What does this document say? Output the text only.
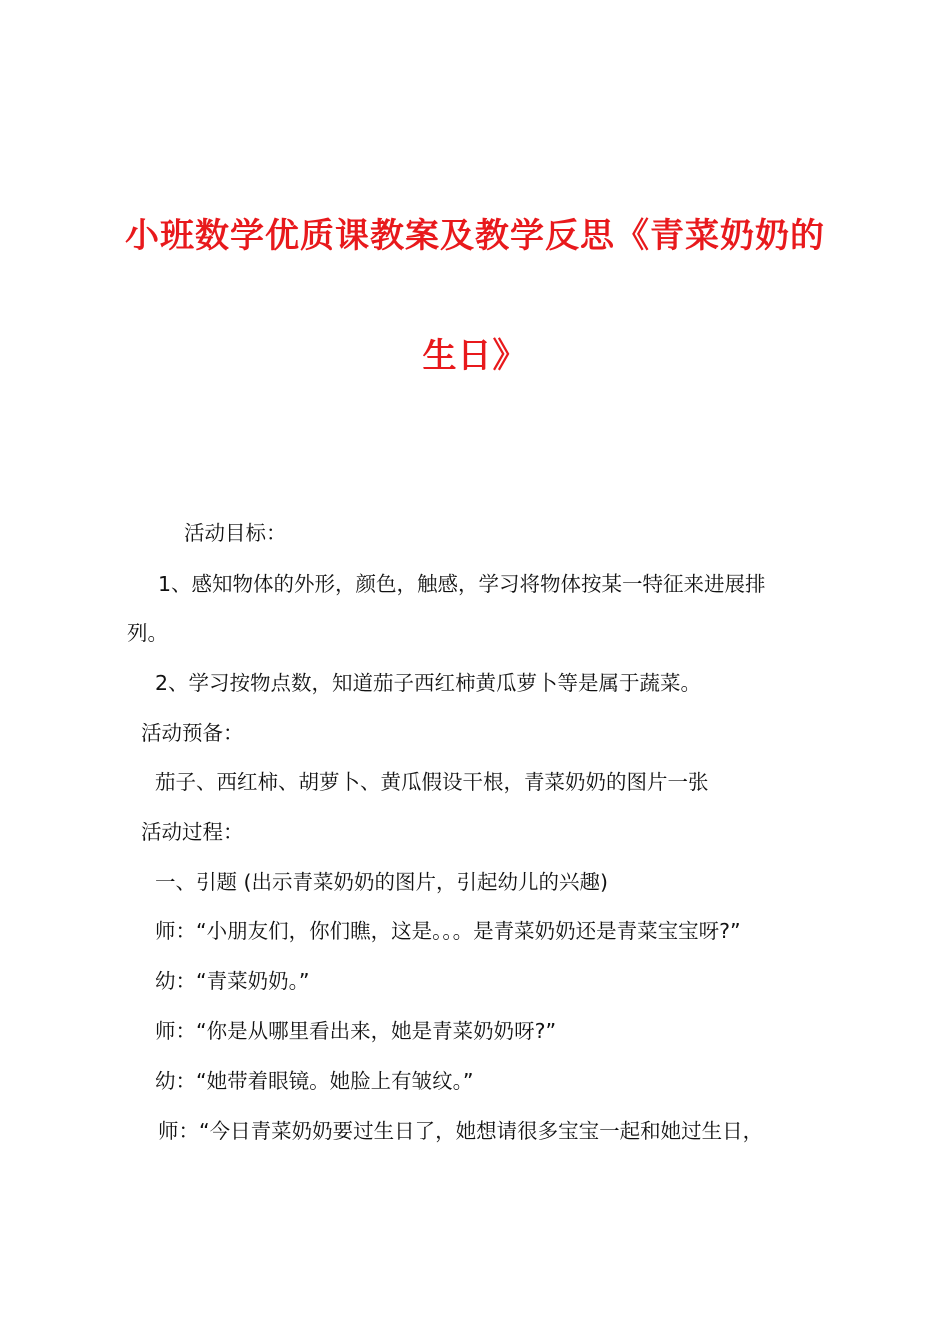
小班数学优质课教案及教学反思《青菜奶奶的
生日》
活动目标：
1、感知物体的外形，颜色，触感，学习将物体按某一特征来进展排
列。
2、学习按物点数，知道茄子西红柿黄瓜萝卜等是属于蔬菜。
活动预备：
茄子、西红柿、胡萝卜、黄瓜假设干根，青菜奶奶的图片一张
活动过程：
一、引题 (出示青菜奶奶的图片，引起幼儿的兴趣)
师：“小朋友们，你们瞧，这是。。。是青菜奶奶还是青菜宝宝呀?”
幼：“青菜奶奶。”
师：“你是从哪里看出来，她是青菜奶奶呀?”
幼：“她带着眼镜。她脸上有皱纹。”
师：“今日青菜奶奶要过生日了，她想请很多宝宝一起和她过生日，
